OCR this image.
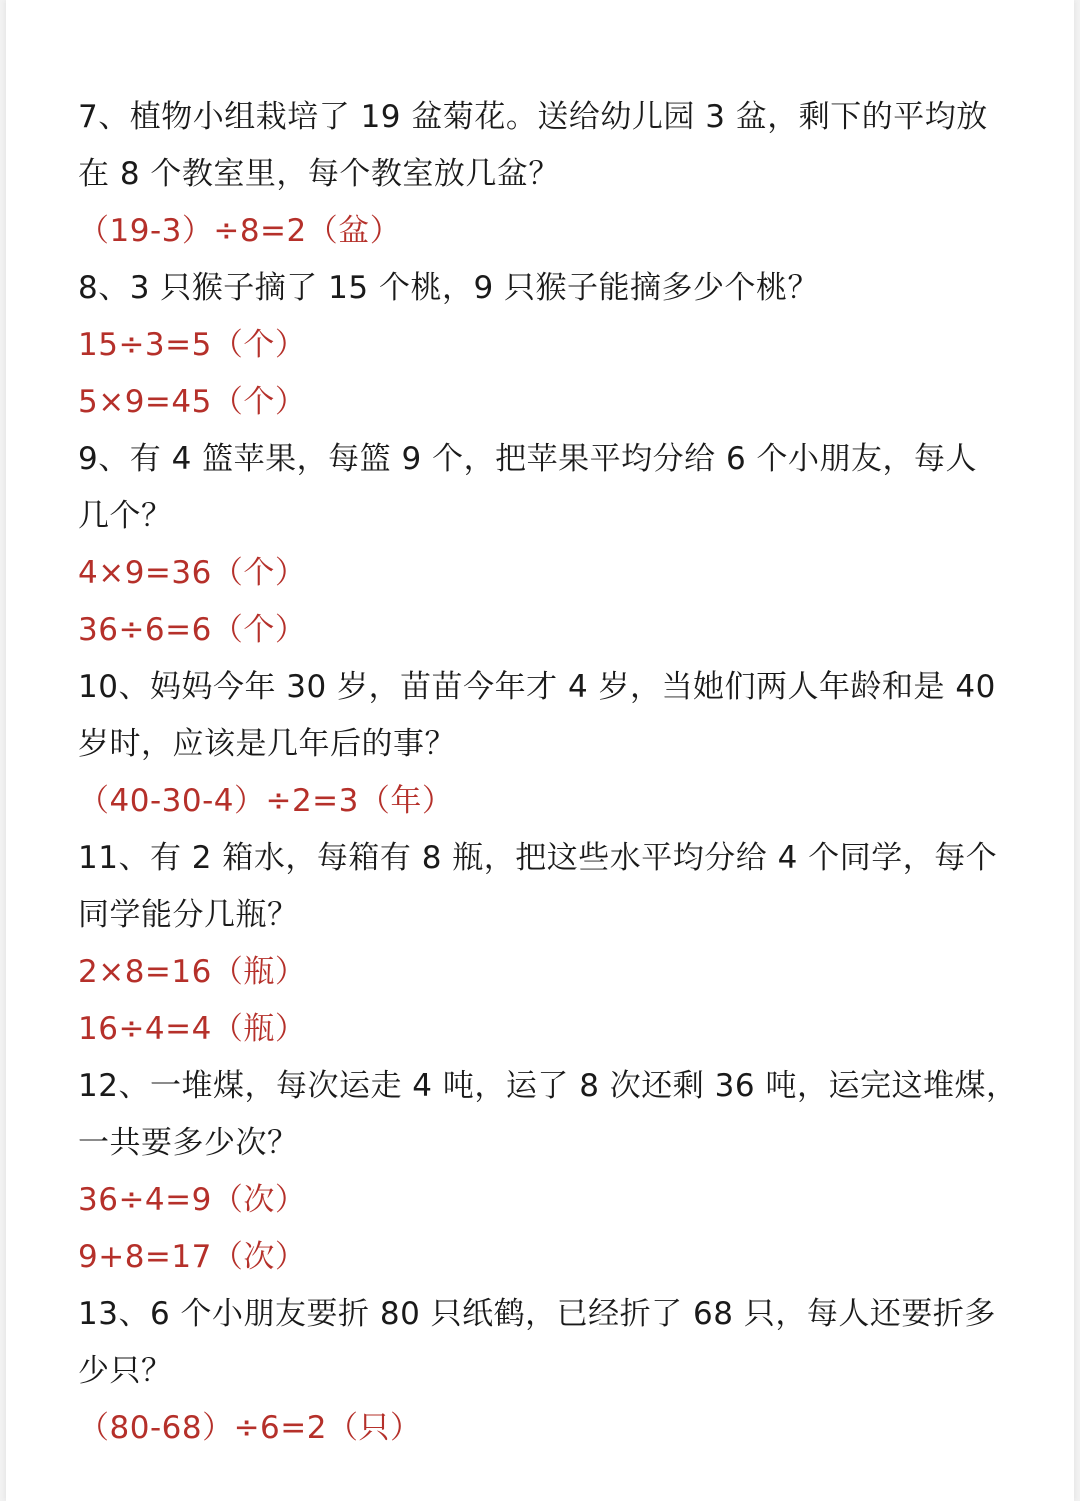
7、植物小组栽培了 19 盆菊花。送给幼儿园 3 盆，剩下的平均放
在 8 个教室里，每个教室放几盆？
（19-3）÷8=2（盆）
8、3 只猴子摘了 15 个桃，9 只猴子能摘多少个桃？
15÷3=5（个）
5×9=45（个）
9、有 4 篮苹果，每篮 9 个，把苹果平均分给 6 个小朋友，每人
几个？
4×9=36（个）
36÷6=6（个）
10、妈妈今年 30 岁，苗苗今年才 4 岁，当她们两人年龄和是 40
岁时，应该是几年后的事？
（40-30-4）÷2=3（年）
11、有 2 箱水，每箱有 8 瓶，把这些水平均分给 4 个同学，每个
同学能分几瓶？
2×8=16（瓶）
16÷4=4（瓶）
12、一堆煤，每次运走 4 吨，运了 8 次还剩 36 吨，运完这堆煤，
一共要多少次？
36÷4=9（次）
9+8=17（次）
13、6 个小朋友要折 80 只纸鹤，已经折了 68 只，每人还要折多
少只？
（80-68）÷6=2（只）
